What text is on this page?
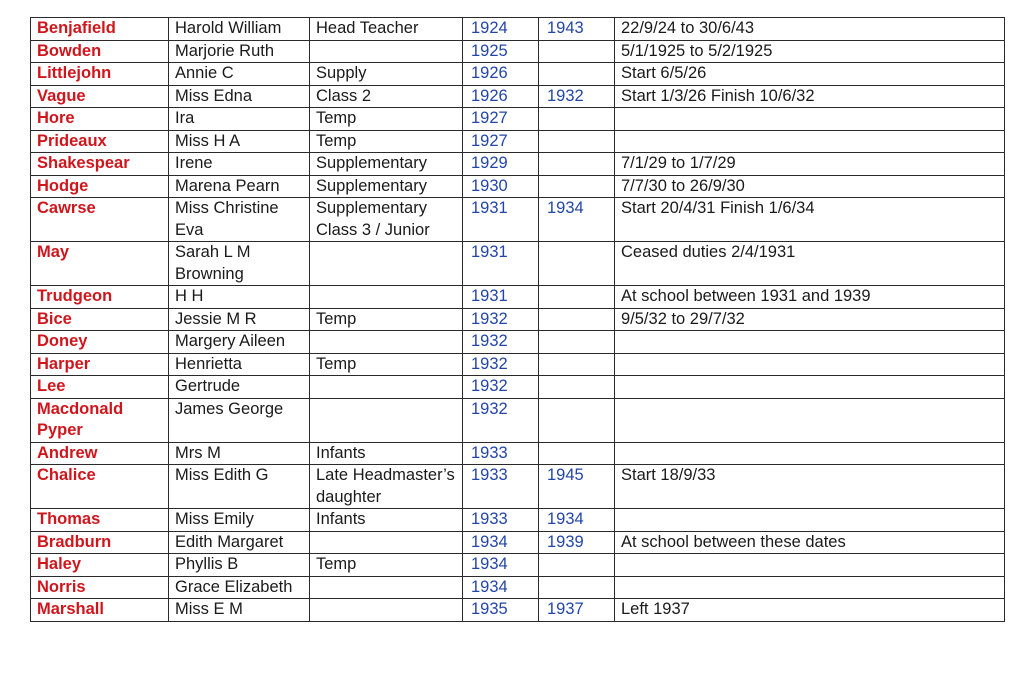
Benjafield	Harold William	Head Teacher	1924	1943	22/9/24 to 30/6/43
Bowden	Marjorie Ruth		1925		5/1/1925 to 5/2/1925
Littlejohn	Annie C	Supply	1926		Start 6/5/26
Vague	Miss Edna	Class 2	1926	1932	Start 1/3/26 Finish 10/6/32
Hore	Ira	Temp	1927		
Prideaux	Miss H A	Temp	1927		
Shakespear	Irene	Supplementary	1929		7/1/29 to 1/7/29
Hodge	Marena Pearn	Supplementary	1930		7/7/30 to 26/9/30
Cawrse	Miss Christine Eva	Supplementary Class 3 / Junior	1931	1934	Start 20/4/31 Finish 1/6/34
May	Sarah L M Browning		1931		Ceased duties 2/4/1931
Trudgeon	H H		1931		At school between 1931 and 1939
Bice	Jessie M R	Temp	1932		9/5/32 to 29/7/32
Doney	Margery Aileen		1932		
Harper	Henrietta	Temp	1932		
Lee	Gertrude		1932		
Macdonald Pyper	James George		1932		
Andrew	Mrs M	Infants	1933		
Chalice	Miss Edith G	Late Headmaster’s daughter	1933	1945	Start 18/9/33
Thomas	Miss Emily	Infants	1933	1934	
Bradburn	Edith Margaret		1934	1939	At school between these dates
Haley	Phyllis B	Temp	1934		
Norris	Grace Elizabeth		1934		
Marshall	Miss E M		1935	1937	Left 1937
